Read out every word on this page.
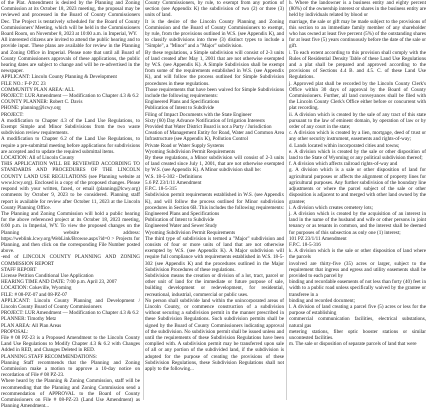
of the Plat. Amendment is desired by the Planning and Zoning Commission at its October 18, 2023 meeting, the proposal may be reviewed and processed in the Board of County Commissioners Dec. The Project is tentatively scheduled for the Board of County Commissioners' Meeting, which will be held in the Commissioners Board Room, on November 8, 2023 at 10:00 a.m. in Imperial, WY.

All interested citizens are invited to attend the public hearing and to provide input. These plans are available for review in the Planning and Zoning Office in Imperial. Please note that until all Board of County Commissioners approvals of these applications, the public hearing dates are subject to change and will be re-advertised in the newspaper.

APPLICANT: Lincoln County Planning & Development

FILE NO.: F-P ZC 23

COMMUNITY PLAN AREA: ALL

PROJECT: LUR Amendment — Modification to Chapter 4.3 & 6.2

COUNTY PLANNER: Robert C. Davis

PHONE: planning@lcwy.org

PROJECT:

A modification to Chapter 4.3 of the Land Use Regulations, to Exempt Simple and Minor Subdivisions from the two waste subdivision review requirements.

A modification to Chapter 6.2 of the Land Use Regulations, to require a pre-submittal meeting before applications for subdivisions are accepted and to update the required submittal items.

LOCATION: All of Lincoln County

THIS APPLICATION WILL BE REVIEWED ACCORDING TO STANDARDS AND PROCEDURES OF THE LINCOLN COUNTY LAND USE REGULATIONS (see Planning website at www.lcwy.org). Enclosed is a copy of the proposed changes. Please respond with your written, faxed, or email (planning@lcwy.org) comments by October 9, 2023 to be considered. Planning staff report is available for review after October 11, 2023 at the Lincoln County Planning Office.

The Planning and Zoning Commission will hold a public hearing for the above referenced project at its October 18, 2023 meeting, 6:00 p.m. in Imperial, WY. To view the proposed changes on the Planning website address: https://weblink.lcwy.org/WebLink/Browse.aspx?id=0 > Projects for Planning, and then click on the corresponding File Number posted above.

-end of LINCOLN COUNTY PLANNING AND ZONING COMMISSION REPORT

STAFF REPORT

License Petition Conditional Use Application

HEARING TIME AND DATE: 7:00 p.m. April 23, 2007

LOCATION: Cokeville, Wyoming

FILE: # 08-PZ-07 and 08-PZ-07

APPLICANT: Lincoln County Planning and Development / Lincoln County Board of County Commissioners

PROJECT: LUR Amendment — Modification to Chapter 4.3 & 6.2

PLANNER: Timothy Metz

PLAN AREA: All Plan Areas

PROPOSAL:

File # 08 PZ-23 is a Proposed Amendment to the Lincoln County Land Use Regulations to Modify Chapter 4.3 & 6.2 with Changes Added in RED, and Changes Deleted in RED.

PLANNING STAFF RECOMMENDATIONS:

Planning Staff recommends that the Planning and Zoning Commission make a motion to approve a 10-day notice on recordation of File # 08 PZ-23.

Where heard by the Planning & Zoning Commission, staff will be recommending that the Planning and Zoning Commission send a recommendation of APPROVAL to the Board of County Commissioners on File # 08-PZ-23 (Land Use Amendment) as Planning Amendment...

County Commissioners, by rule, to exempt from any portion of section (see Appendix K) the subdivision of two (2) or three (3) units of land.

It is the desire of the Lincoln County Planning and Zoning Commission and the Board of County Commissioners to exempt, by rule, from the provisions outlined in W.S. (see Appendix K), and to classify subdivisions into three (3) distinct types to include a "Simple", a "Minor" and a "Major" subdivision.

By these regulations, a Simple subdivision will consist of 2-3 units of land created after May 1, 2001 that are not otherwise exempted by W.S. (see Appendix K). A Simple Subdivision shall be exempt from some of the requirements established in W.S. (see Appendix K), and will follow the process outlined for Simple Subdivision procedures in these regulations.

Those requirements that have been waived for Simple Subdivisions include the following requirements:

Engineered Plans and Specifications

Publication of Intent to Subdivide

Filing of Impact Documents with the State Engineer

Sixty (60) Day Advance Notification of Irrigation Interests

Provided that Water District Board is not a Party / Jurisdiction

Creation of Management Entity for Road, Water and Common Area Infrastructure (see Appendix K), Pollution Control

Private Road or Water Supply Systems

Wyoming Subdivision Permit Requirements

By these regulations, a Minor subdivision will consist of 2-3 units of land created since July 1, 2001, that are not otherwise exempted by W.S. (see Appendix K). A Minor subdivision shall be:

W.S. 18-5-302 - Definitions

5.6 PZ 23/1/11 Amendment

F.P.C. 18-5-315

Subdivision permit requirements established in W.S. (see Appendix K), and will follow the process outlined for Minor subdivision procedures in Section 6B. This includes the following requirements:

Engineered Plans and Specifications

Publication of Intent to Subdivide

Engineered Water and Sewer Study

Wyoming Subdivision Permit Requirements

The third type of subdivision is termed a "Major" subdivision and consists of four or more units of land that are not otherwise exempted by W.S. (see Appendix K). A Major subdivision will require full compliance with requirements established in W.S. 18-5-302 (see Appendix K) and the procedures outlined in the Major Subdivision Procedures of these regulations.

Subdivision means the creation or division of a lot, tract, parcel or other unit of land for the immediate or future purpose of sale, building development or redevelopment, for residential, recreational, industrial, commercial or public uses.

No person shall subdivide land within the unincorporated areas of Lincoln County, or commence construction of a subdivision without securing a subdivision permit in the manner prescribed in these Subdivision Regulations. Such subdivision permits shall be signed by the Board of County Commissioners indicating approval of the subdivision. No subdivision permit shall be issued unless and until the requirements of these Subdivision Regulations have been complied with. A subdivision permit may be transferred upon sale of all or any portion of the subdivided land, if the subdivision is adopted for the purpose of creating the provisions of these Subdivision Regulations, these Subdivision Regulations shall not apply to the following...

h. Where the landowner is a business entity and eighty percent (80%) of the ownership interest or shares in the business entity are held by individuals related by blood or

marriage, the sale or gift may be made subject to the provisions of this section to an immediate family member of any shareholder who has owned at least five percent (5%) of the outstanding shares for at least five (5) years continuously before the date of the sale or gift.

i. To each extent according to this provision shall comply with the Rules of Residential Density Table of these Land Use Regulations and a plat shall be prepared and approved according to the provisions of Sections 4.4 B. and 4.5. C. of these Land Use Regulations.

j. Approved plat shall be recorded by the Lincoln County Clerk's Office within 30 days of approval by the Board of County Commissioners. Further, all land conveyances shall be filed with the Lincoln County Clerk's Office either before or concurrent with plat recording.

ii. A division which is created by the sale of any tract of this state pursuant to the law of eminent domain, by operation of law or by order of any court in the state;

c. A division which is created by a lien, mortgage, deed of trust or any other security instrument, easements and rights-of-way;

d. Lands located within incorporated cities and towns;

e. A division which is created by the sale or other disposition of land to the State of Wyoming or any political subdivision thereof;

f. A division which affects railroad rights-of-way and

g. A division which is a sale or other disposition of land for agricultural purposes or affects the alignment of property lines for agricultural purposes. Any further subdivision of the boundary line adjustments or where the parcel subject of the sale or other disposition is adjacent to and merged with other land owned by the grantee;

i. A division which creates cemetery lots;

j. A division which is created by the acquisition of an interest in land in the name of the husband and wife or other persons in joint tenancy or as tenants in common, and the interest shall be deemed for purposes of this subsection as only one (1) interest;

101 PZ 23/1/11 Amendment

F.P.C. 18-5-316

k. A division which is the sale or other disposition of land where the parcels

involved are thirty-five (35) acres or larger, subject to the requirement that ingress and egress and utility easements shall be provided to each parcel by

binding and recordable easements of not less than forty (40) feet in width to a public road unless specifically waived by the grantee or transferee in a

binding and recorded document;

l. A division of land creating a parcel five (5) acres or less for the purpose of establishing

commercial communication facilities, electrical substations, natural gas

metering stations, fiber optic booster stations or similar uncontested facilities.

m. The sale or disposition of separate parcels of land that were
